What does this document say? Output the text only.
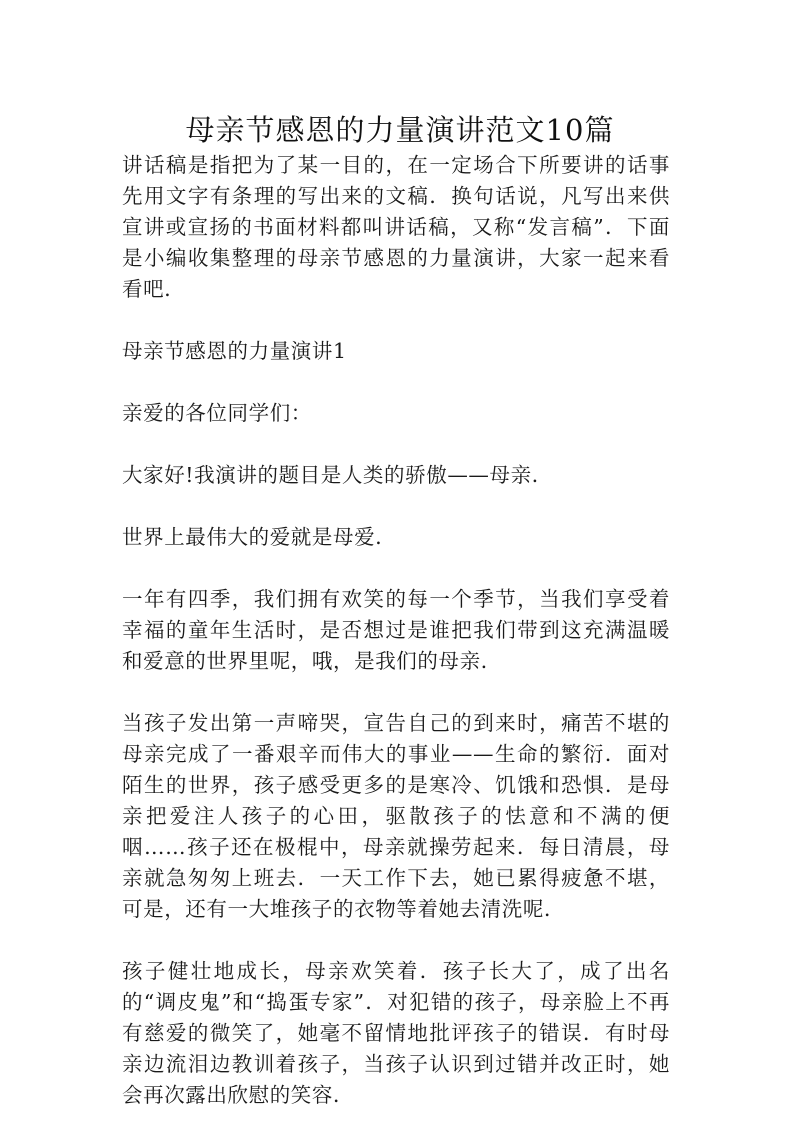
母亲节感恩的力量演讲范文10篇

讲话稿是指把为了某一目的，在一定场合下所要讲的话事先用文字有条理的写出来的文稿．换句话说，凡写出来供宣讲或宣扬的书面材料都叫讲话稿，又称“发言稿”．下面是小编收集整理的母亲节感恩的力量演讲，大家一起来看看吧．

母亲节感恩的力量演讲1

亲爱的各位同学们：

大家好!我演讲的题目是人类的骄傲——母亲．

世界上最伟大的爱就是母爱．

一年有四季，我们拥有欢笑的每一个季节，当我们享受着幸福的童年生活时，是否想过是谁把我们带到这充满温暖和爱意的世界里呢，哦，是我们的母亲．

当孩子发出第一声啼哭，宣告自己的到来时，痛苦不堪的母亲完成了一番艰辛而伟大的事业——生命的繁衍．面对陌生的世界，孩子感受更多的是寒冷、饥饿和恐惧．是母亲把爱注人孩子的心田，驱散孩子的怯意和不满的便咽……孩子还在极棍中，母亲就操劳起来．每日清晨，母亲就急匆匆上班去．一天工作下去，她已累得疲惫不堪，可是，还有一大堆孩子的衣物等着她去清洗呢．

孩子健壮地成长，母亲欢笑着．孩子长大了，成了出名的“调皮鬼”和“捣蛋专家”．对犯错的孩子，母亲脸上不再有慈爱的微笑了，她毫不留情地批评孩子的错误．有时母亲边流泪边教训着孩子，当孩子认识到过错并改正时，她会再次露出欣慰的笑容．
